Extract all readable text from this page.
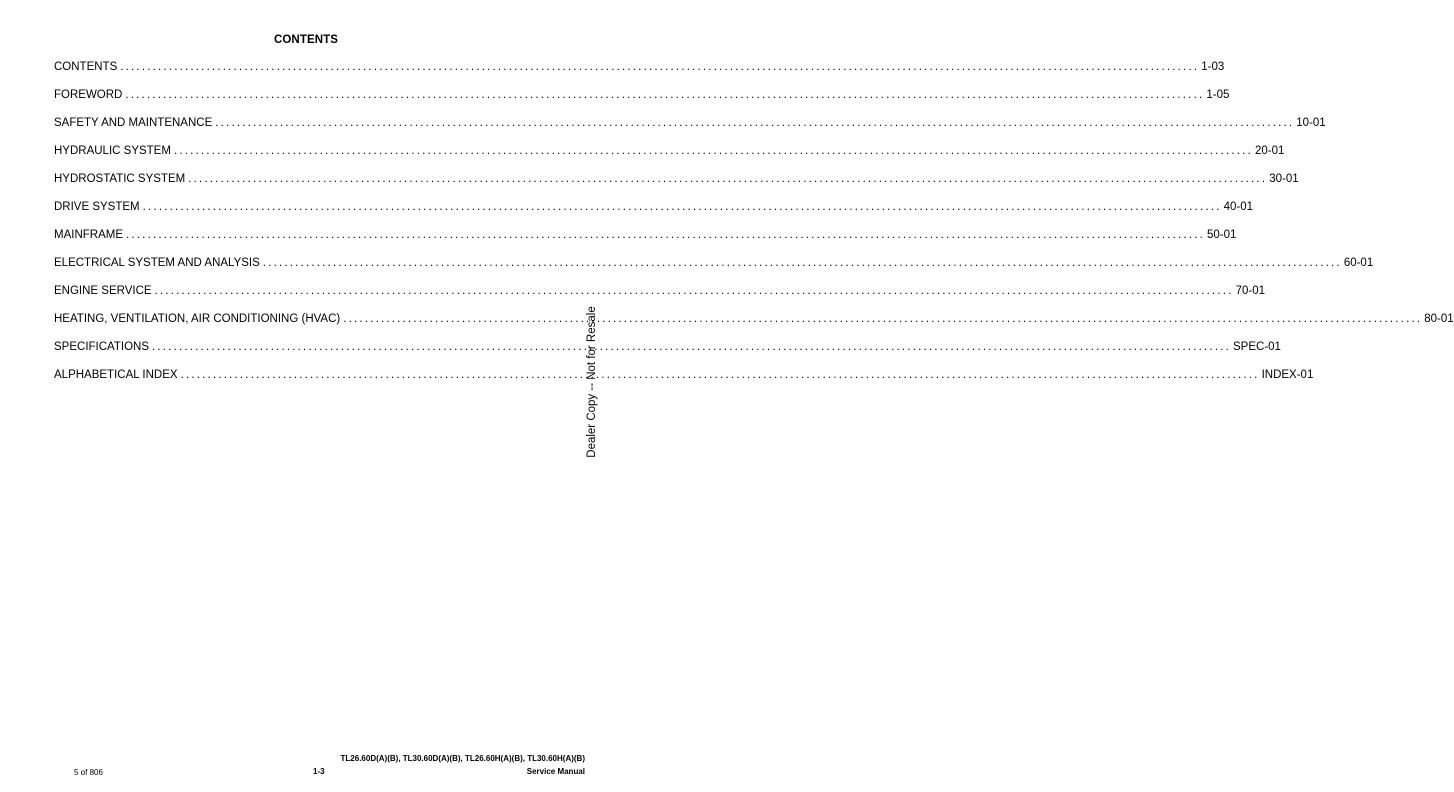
CONTENTS
CONTENTS ........................................................................................................................................................................................................ 1-03
FOREWORD ........................................................................................................................................................................................................ 1-05
SAFETY AND MAINTENANCE ........................................................................................................................................................................................................ 10-01
HYDRAULIC SYSTEM ........................................................................................................................................................................................................ 20-01
HYDROSTATIC SYSTEM ........................................................................................................................................................................................................ 30-01
DRIVE SYSTEM ........................................................................................................................................................................................................ 40-01
MAINFRAME ........................................................................................................................................................................................................ 50-01
ELECTRICAL SYSTEM AND ANALYSIS ........................................................................................................................................................................................................ 60-01
ENGINE SERVICE ........................................................................................................................................................................................................ 70-01
HEATING, VENTILATION, AIR CONDITIONING (HVAC) ........................................................................................................................................................................................................ 80-01
SPECIFICATIONS ........................................................................................................................................................................................................ SPEC-01
ALPHABETICAL INDEX ........................................................................................................................................................................................................ INDEX-01
Dealer Copy -- Not for Resale
TL26.60D(A)(B), TL30.60D(A)(B), TL26.60H(A)(B), TL30.60H(A)(B)
5 of 806	1-3	Service Manual
